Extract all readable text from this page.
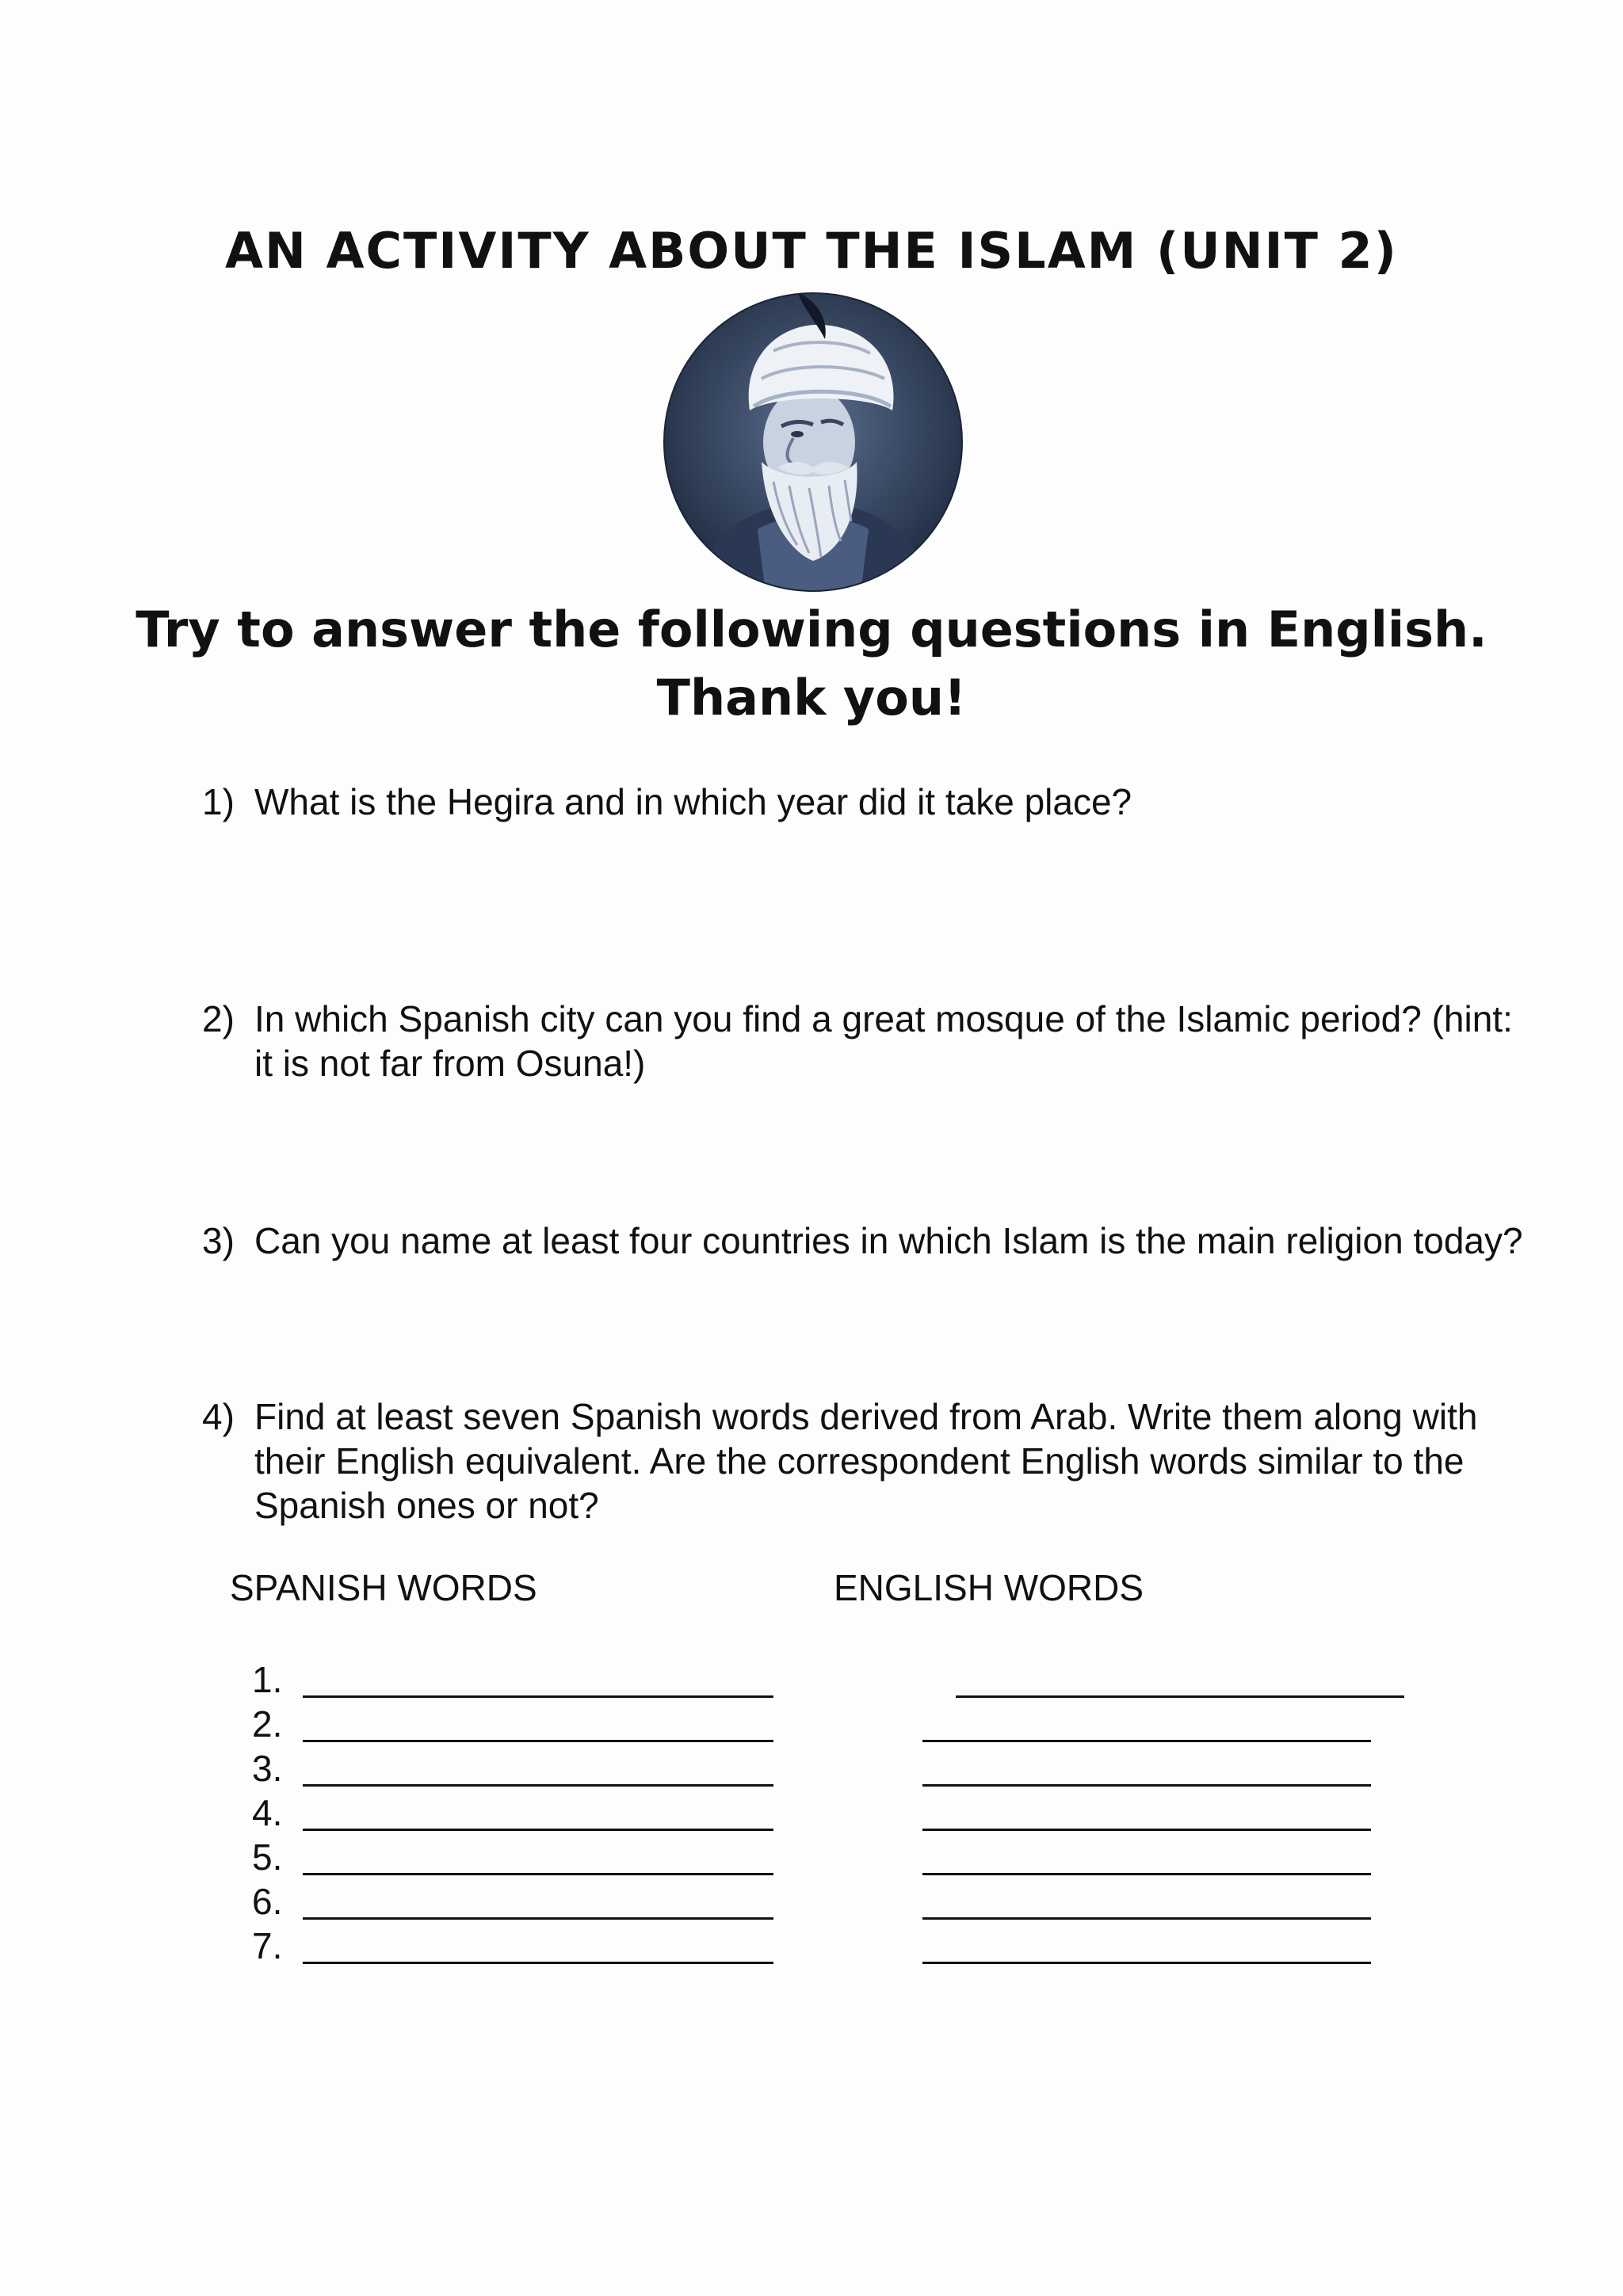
AN ACTIVITY ABOUT THE ISLAM (UNIT 2)
Try to answer the following questions in English.
Thank you!
1) What is the Hegira and in which year did it take place?
2) In which Spanish city can you find a great mosque of the Islamic period? (hint: it is not far from Osuna!)
3) Can you name at least four countries in which Islam is the main religion today?
4) Find at least seven Spanish words derived from Arab. Write them along with their English equivalent. Are the correspondent English words similar to the Spanish ones or not?
SPANISH WORDS	ENGLISH WORDS
1.
2.
3.
4.
5.
6.
7.
